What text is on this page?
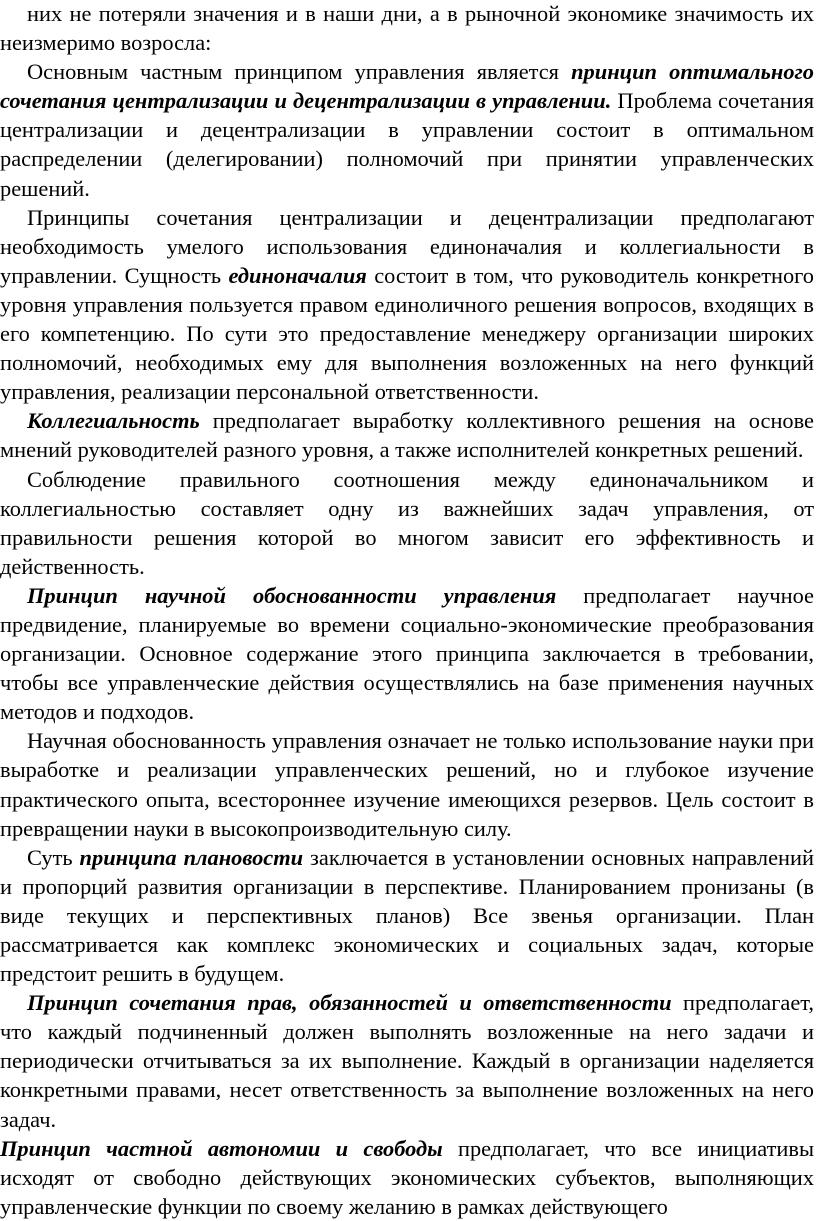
них не потеряли значения и в наши дни, а в рыночной экономике значимость их неизмеримо возросла:

Основным частным принципом управления является принцип оптимального сочетания централизации и децентрализации в управлении. Проблема сочетания централизации и децентрализации в управлении состоит в оптимальном распределении (делегировании) полномочий при принятии управленческих решений.

Принципы сочетания централизации и децентрализации предполагают необходимость умелого использования единоначалия и коллегиальности в управлении. Сущность единоначалия состоит в том, что руководитель конкретного уровня управления пользуется правом единоличного решения вопросов, входящих в его компетенцию. По сути это предоставление менеджеру организации широких полномочий, необходимых ему для выполнения возложенных на него функций управления, реализации персональной ответственности.

Коллегиальность предполагает выработку коллективного решения на основе мнений руководителей разного уровня, а также исполнителей конкретных решений.

Соблюдение правильного соотношения между единоначальником и коллегиальностью составляет одну из важнейших задач управления, от правильности решения которой во многом зависит его эффективность и действенность.

Принцип научной обоснованности управления предполагает научное предвидение, планируемые во времени социально-экономические преобразования организации. Основное содержание этого принципа заключается в требовании, чтобы все управленческие действия осуществлялись на базе применения научных методов и подходов.

Научная обоснованность управления означает не только использование науки при выработке и реализации управленческих решений, но и глубокое изучение практического опыта, всестороннее изучение имеющихся резервов. Цель состоит в превращении науки в высокопроизводительную силу.

Суть принципа плановости заключается в установлении основных направлений и пропорций развития организации в перспективе. Планированием пронизаны (в виде текущих и перспективных планов) Все звенья организации. План рассматривается как комплекс экономических и социальных задач, которые предстоит решить в будущем.

Принцип сочетания прав, обязанностей и ответственности предполагает, что каждый подчиненный должен выполнять возложенные на него задачи и периодически отчитываться за их выполнение. Каждый в организации наделяется конкретными правами, несет ответственность за выполнение возложенных на него задач.

Принцип частной автономии и свободы предполагает, что все инициативы исходят от свободно действующих экономических субъектов, выполняющих управленческие функции по своему желанию в рамках действующего
